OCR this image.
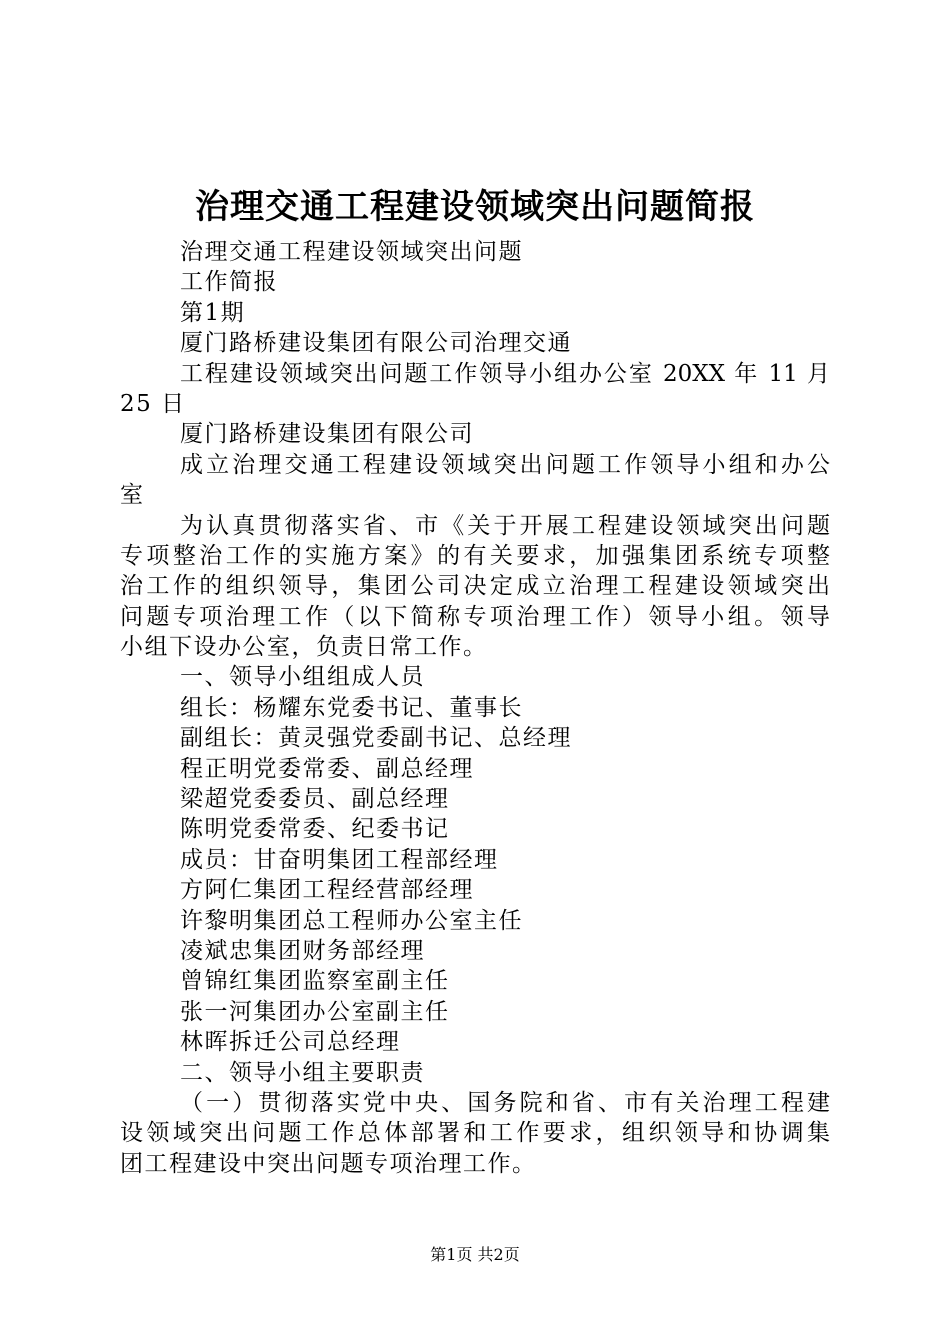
治理交通工程建设领域突出问题简报
治理交通工程建设领域突出问题
工作简报
第1期
厦门路桥建设集团有限公司治理交通
工程建设领域突出问题工作领导小组办公室 20XX 年 11 月
25 日
厦门路桥建设集团有限公司
成立治理交通工程建设领域突出问题工作领导小组和办公
室
为认真贯彻落实省、市《关于开展工程建设领域突出问题
专项整治工作的实施方案》的有关要求，加强集团系统专项整
治工作的组织领导，集团公司决定成立治理工程建设领域突出
问题专项治理工作（以下简称专项治理工作）领导小组。领导
小组下设办公室，负责日常工作。
一、领导小组组成人员
组长：杨耀东党委书记、董事长
副组长：黄灵强党委副书记、总经理
程正明党委常委、副总经理
梁超党委委员、副总经理
陈明党委常委、纪委书记
成员：甘奋明集团工程部经理
方阿仁集团工程经营部经理
许黎明集团总工程师办公室主任
凌斌忠集团财务部经理
曾锦红集团监察室副主任
张一河集团办公室副主任
林晖拆迁公司总经理
二、领导小组主要职责
（一）贯彻落实党中央、国务院和省、市有关治理工程建
设领域突出问题工作总体部署和工作要求，组织领导和协调集
团工程建设中突出问题专项治理工作。
第1页 共2页
